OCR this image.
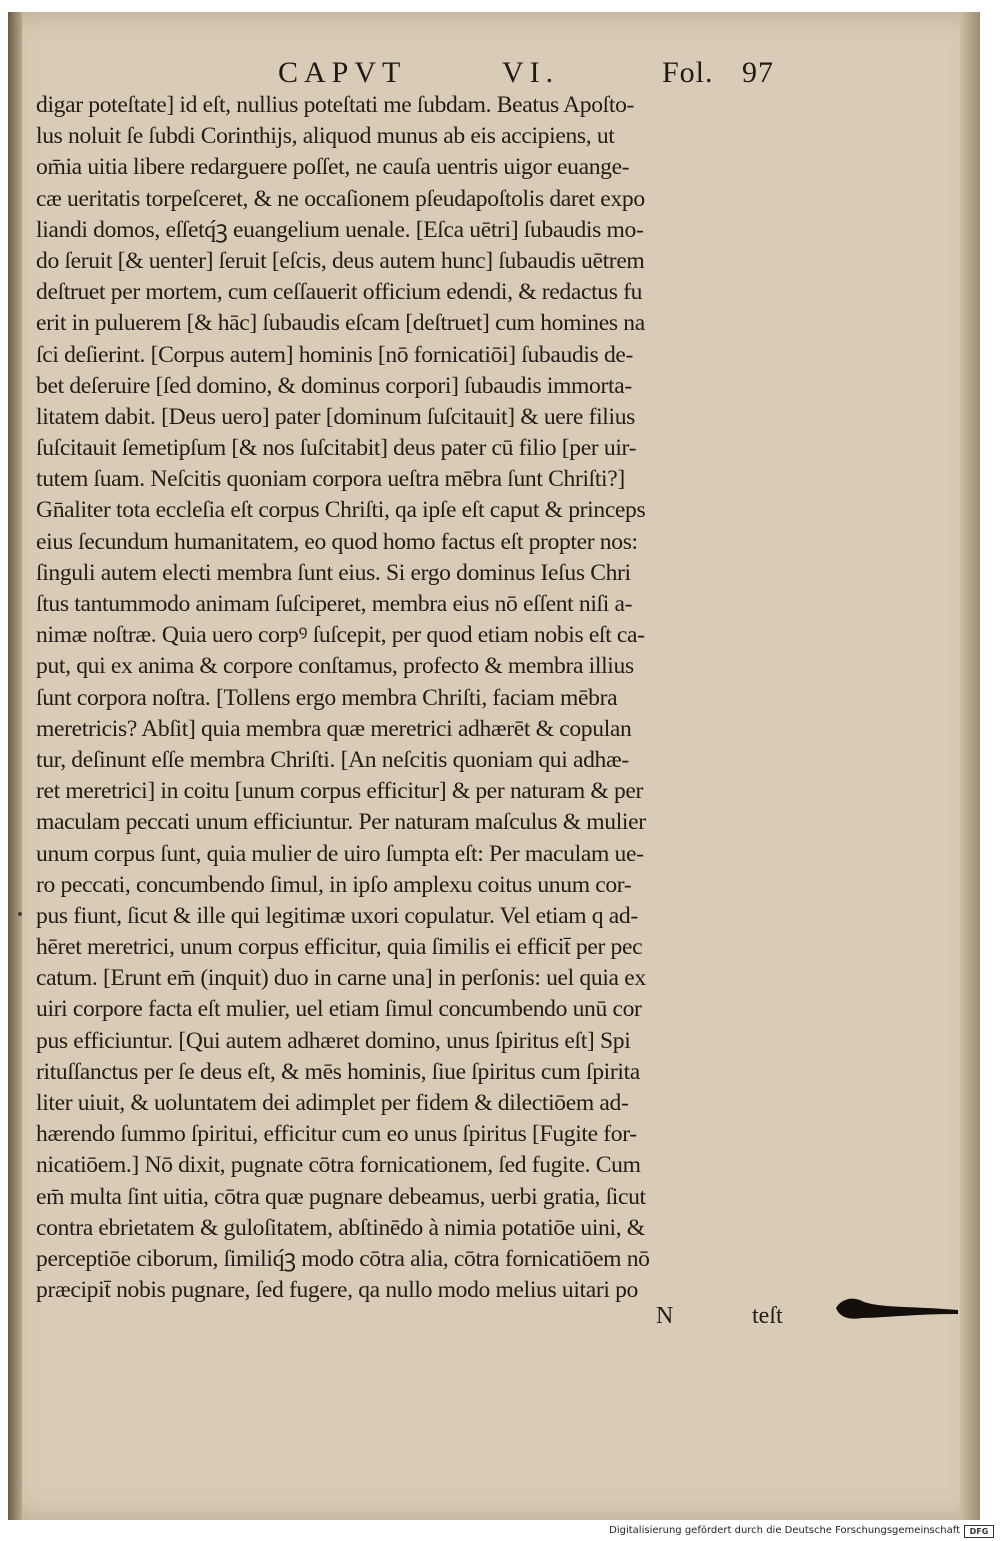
CAPVT	VI.	Fol. 97
digar poteſtate] id eſt, nullius poteſtati me ſubdam. Beatus Apoſto-
lus noluit ſe ſubdi Corinthijs, aliquod munus ab eis accipiens, ut
om̄ia uitia libere redarguere poſſet, ne cauſa uentris uigor euange-
cæ ueritatis torpeſceret, & ne occaſionem pſeudapoſtolis daret expo
liandi domos, eſſetq́ꝫ euangelium uenale. [Eſca uētri] ſubaudis mo-
do ſeruit [& uenter] ſeruit [eſcis, deus autem hunc] ſubaudis uētrem
deſtruet per mortem, cum ceſſauerit officium edendi, & redactus fu
erit in puluerem [& hāc] ſubaudis eſcam [deſtruet] cum homines na
ſci deſierint. [Corpus autem] hominis [nō fornicatiōi] ſubaudis de-
bet deſeruire [ſed domino, & dominus corpori] ſubaudis immorta-
litatem dabit. [Deus uero] pater [dominum ſuſcitauit] & uere filius
ſuſcitauit ſemetipſum [& nos ſuſcitabit] deus pater cū filio [per uir-
tutem ſuam. Neſcitis quoniam corpora ueſtra mēbra ſunt Chriſti?]
Gn̄aliter tota eccleſia eſt corpus Chriſti, qa ipſe eſt caput & princeps
eius ſecundum humanitatem, eo quod homo factus eſt propter nos:
ſinguli autem electi membra ſunt eius. Si ergo dominus Ieſus Chri
ſtus tantummodo animam ſuſciperet, membra eius nō eſſent niſi a-
nimæ noſtræ. Quia uero corpꝰ ſuſcepit, per quod etiam nobis eſt ca-
put, qui ex anima & corpore conſtamus, profecto & membra illius
ſunt corpora noſtra. [Tollens ergo membra Chriſti, faciam mēbra
meretricis? Abſit] quia membra quæ meretrici adhærēt & copulan
tur, deſinunt eſſe membra Chriſti. [An neſcitis quoniam qui adhæ-
ret meretrici] in coitu [unum corpus efficitur] & per naturam & per
maculam peccati unum efficiuntur. Per naturam maſculus & mulier
unum corpus ſunt, quia mulier de uiro ſumpta eſt: Per maculam ue-
ro peccati, concumbendo ſimul, in ipſo amplexu coitus unum cor-
pus fiunt, ſicut & ille qui legitimæ uxori copulatur. Vel etiam q ad-
hēret meretrici, unum corpus efficitur, quia ſimilis ei efficit̄ per pec
catum. [Erunt em̄ (inquit) duo in carne una] in perſonis: uel quia ex
uiri corpore facta eſt mulier, uel etiam ſimul concumbendo unū cor
pus efficiuntur. [Qui autem adhæret domino, unus ſpiritus eſt] Spi
rituſſanctus per ſe deus eſt, & mēs hominis, ſiue ſpiritus cum ſpirita
liter uiuit, & uoluntatem dei adimplet per fidem & dilectiōem ad-
hærendo ſummo ſpiritui, efficitur cum eo unus ſpiritus [Fugite for-
nicatiōem.] Nō dixit, pugnate cōtra fornicationem, ſed fugite. Cum
em̄ multa ſint uitia, cōtra quæ pugnare debeamus, uerbi gratia, ſicut
contra ebrietatem & guloſitatem, abſtinēdo à nimia potatiōe uini, &
perceptiōe ciborum, ſimiliq́ꝫ modo cōtra alia, cōtra fornicatiōem nō
præcipit̄ nobis pugnare, ſed fugere, qa nullo modo melius uitari po
N	teſt
Digitalisierung gefördert durch die Deutsche Forschungsgemeinschaft	DFG
